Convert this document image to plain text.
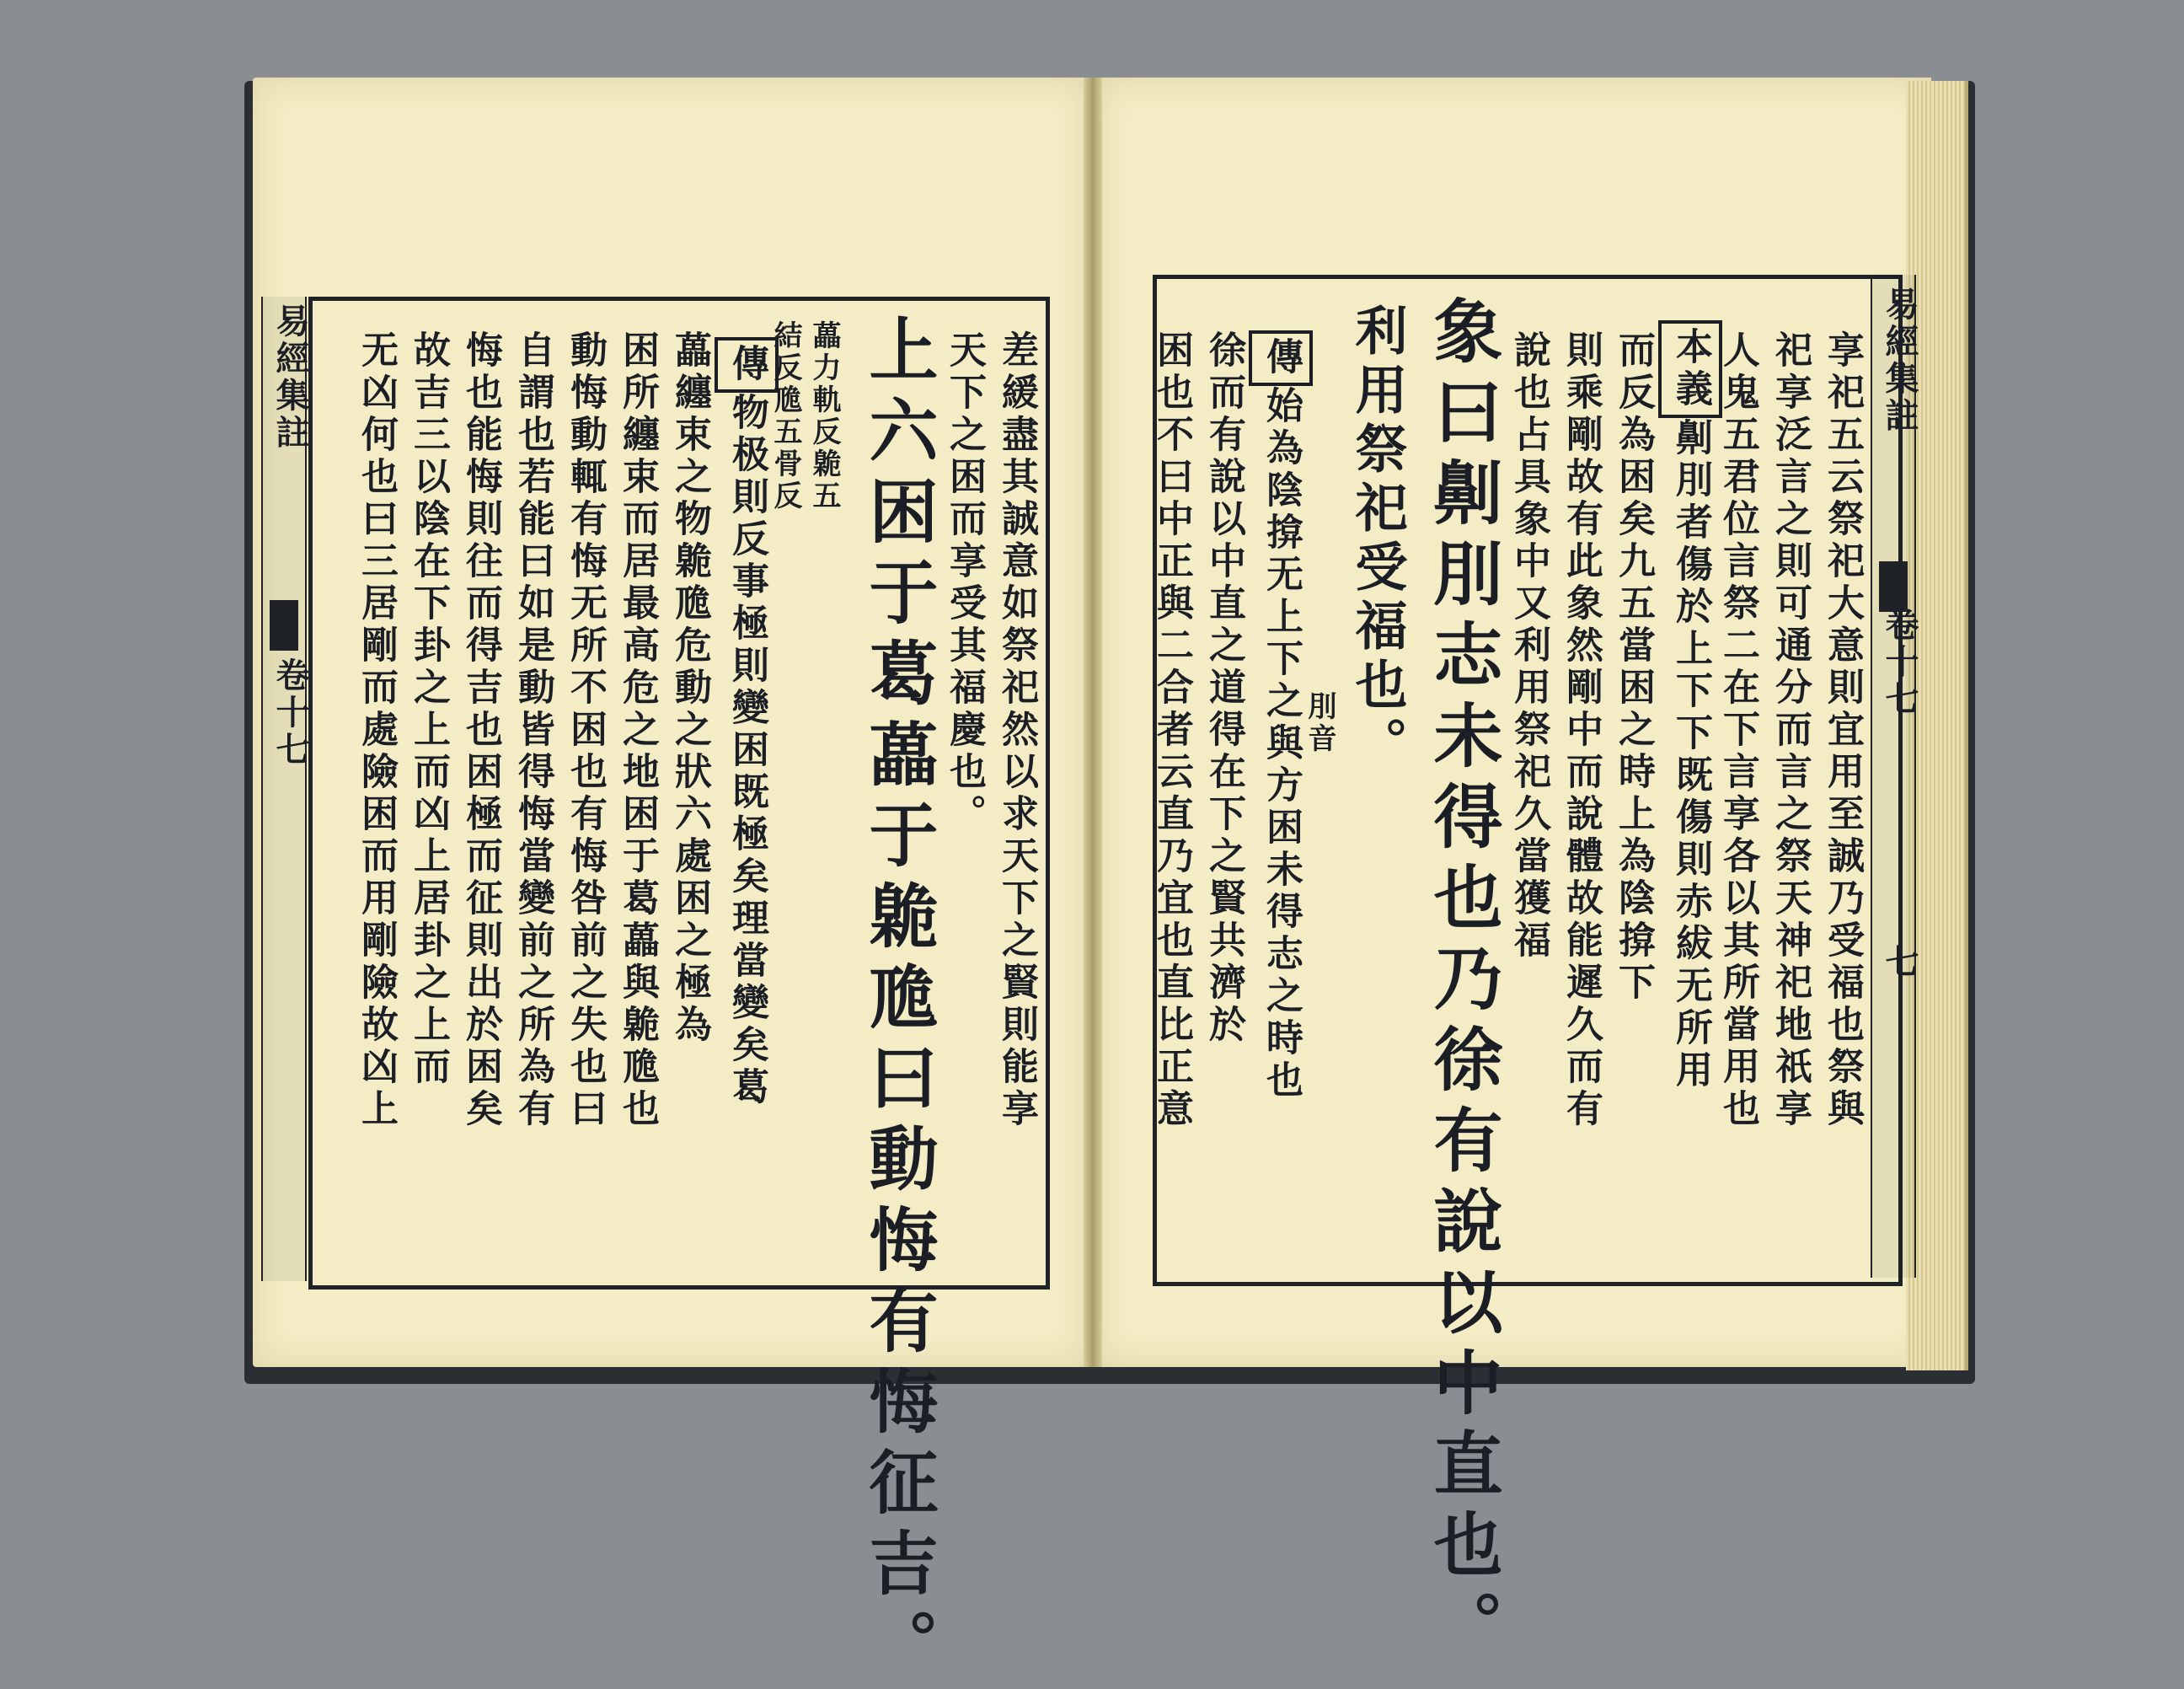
易經集註
卷十七	差緩盡其誠意如祭祀然以求天下之賢則能享
天下之困而享受其福慶也。
上六困于葛藟于臲卼曰動悔有悔征吉。
藟力軌反臲五
結反卼五骨反
傳物极則反事極則變困既極矣理當變矣葛
藟纏束之物臲卼危動之狀六處困之極為
困所纏束而居最高危之地困于葛藟與臲卼也
動悔動輒有悔无所不困也有悔咎前之失也曰
自謂也若能曰如是動皆得悔當變前之所為有
悔也能悔則往而得吉也困極而征則出於困矣
故吉三以陰在下卦之上而凶上居卦之上而
无凶何也曰三居剛而處險困而用剛險故凶上	易經集註
卷十七
七
享祀五云祭祀大意則宜用至誠乃受福也祭與
祀享泛言之則可通分而言之祭天神祀地祇享
人鬼五君位言祭二在下言享各以其所當用也
本義劓刖者傷於上下下既傷則赤紱无所用
而反為困矣九五當困之時上為陰揜下
則乘剛故有此象然剛中而說體故能遲久而有
說也占具象中又利用祭祀久當獲福
象曰劓刖志未得也乃徐有說以中直也。
利用祭祀受福也。
刖音
傳始為陰揜无上下之與方困未得志之時也
徐而有說以中直之道得在下之賢共濟於
困也不曰中正與二合者云直乃宜也直比正意
